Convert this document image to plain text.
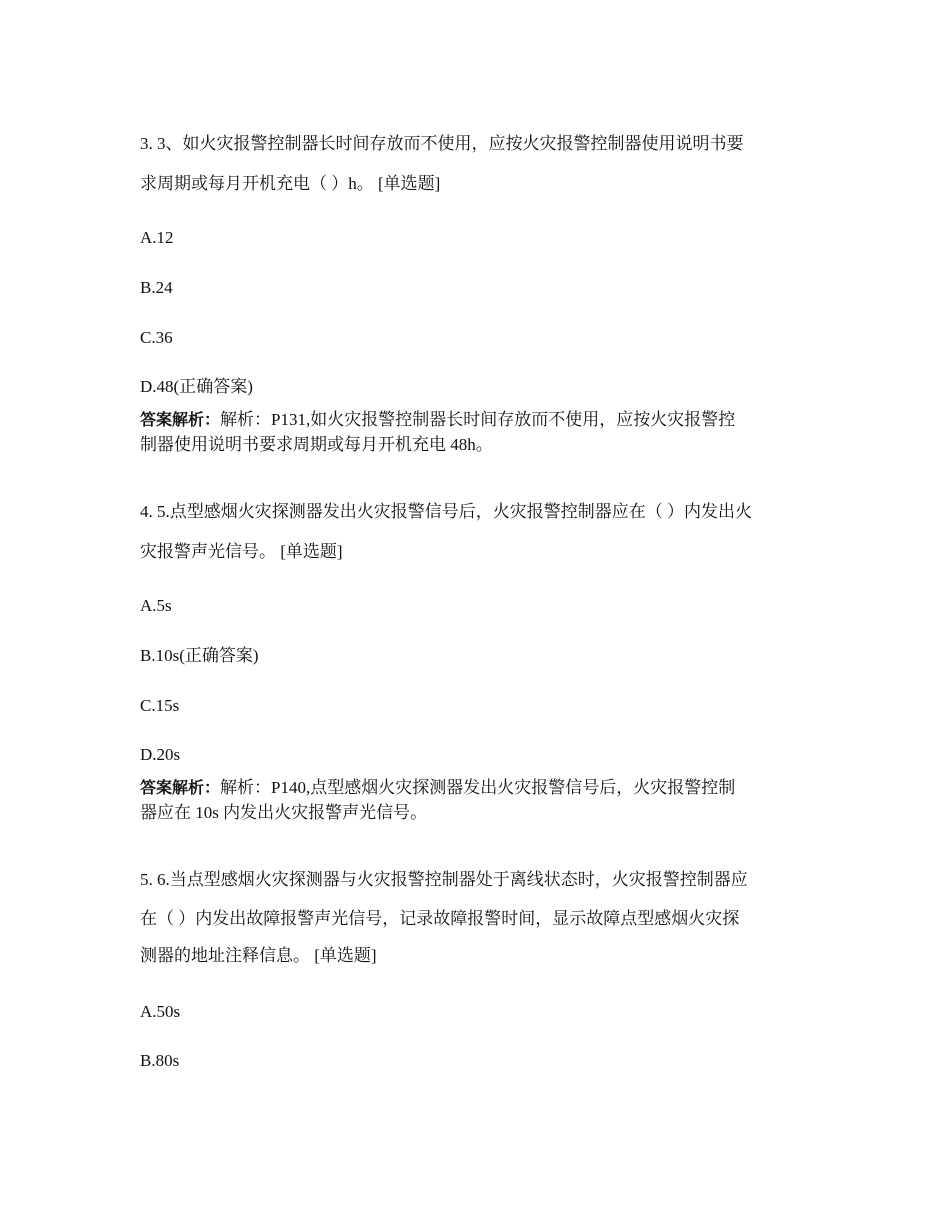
3. 3、如火灾报警控制器长时间存放而不使用，应按火灾报警控制器使用说明书要
求周期或每月开机充电（ ）h。 [单选题]
A.12
B.24
C.36
D.48(正确答案)
答案解析：解析：P131,如火灾报警控制器长时间存放而不使用，应按火灾报警控
制器使用说明书要求周期或每月开机充电 48h。
4. 5.点型感烟火灾探测器发出火灾报警信号后，火灾报警控制器应在（ ）内发出火
灾报警声光信号。 [单选题]
A.5s
B.10s(正确答案)
C.15s
D.20s
答案解析：解析：P140,点型感烟火灾探测器发出火灾报警信号后，火灾报警控制
器应在 10s 内发出火灾报警声光信号。
5. 6.当点型感烟火灾探测器与火灾报警控制器处于离线状态时，火灾报警控制器应
在（ ）内发出故障报警声光信号，记录故障报警时间，显示故障点型感烟火灾探
测器的地址注释信息。 [单选题]
A.50s
B.80s
